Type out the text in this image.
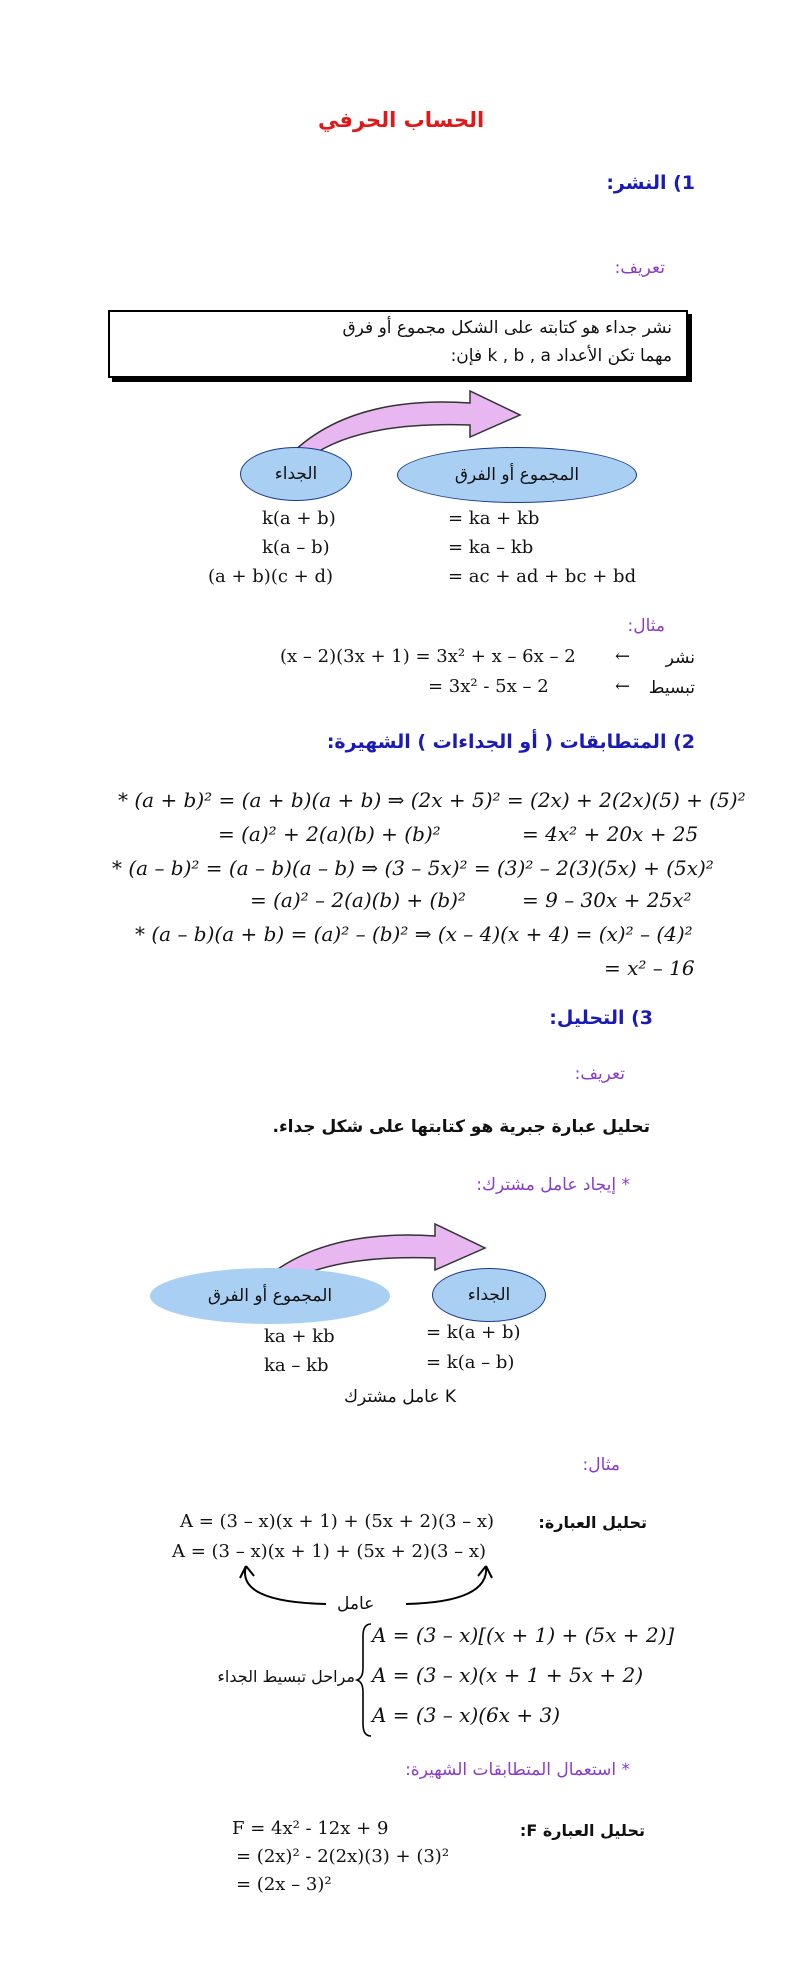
الحساب الحرفي
1) النشر:
تعريف:
نشر جداء هو كتابته على الشكل مجموع أو فرق
مهما تكن الأعداد k , b , a فإن:
الجداء	المجموع أو الفرق
k(a + b)	= ka + kb
k(a – b)	= ka – kb
(a + b)(c + d)	= ac + ad + bc + bd
مثال:
(x – 2)(3x + 1) = 3x² + x – 6x – 2 ← نشر
= 3x² - 5x – 2	← تبسيط
2) المتطابقات ( أو الجداءات ) الشهيرة:
* (a + b)² = (a + b)(a + b) ⇒ (2x + 5)² = (2x) + 2(2x)(5) + (5)²
= (a)² + 2(a)(b) + (b)²	= 4x² + 20x + 25
* (a – b)² = (a – b)(a – b) ⇒ (3 – 5x)² = (3)² – 2(3)(5x) + (5x)²
= (a)² – 2(a)(b) + (b)²	= 9 – 30x + 25x²
* (a – b)(a + b) = (a)² – (b)² ⇒ (x – 4)(x + 4) = (x)² – (4)²
= x² – 16
3) التحليل:
تعريف:
تحليل عبارة جبرية هو كتابتها على شكل جداء.
* إيجاد عامل مشترك:
المجموع أو الفرق	الجداء
ka + kb	= k(a + b)
ka – kb	= k(a – b)
K عامل مشترك
مثال:
تحليل العبارة:
A = (3 – x)(x + 1) + (5x + 2)(3 – x)
A = (3 – x)(x + 1) + (5x + 2)(3 – x)
عامل
مراحل تبسيط الجداء
A = (3 – x)[(x + 1) + (5x + 2)]
A = (3 – x)(x + 1 + 5x + 2)
A = (3 – x)(6x + 3)
* استعمال المتطابقات الشهيرة:
تحليل العبارة F:
F = 4x² - 12x + 9
= (2x)² - 2(2x)(3) + (3)²
= (2x – 3)²
